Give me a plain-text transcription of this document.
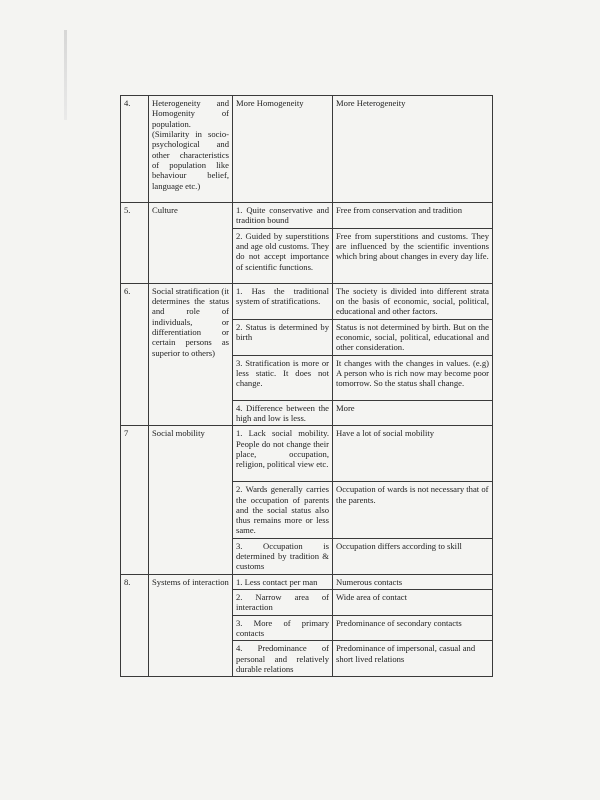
4.	Heterogeneity and Homogenity of population. (Similarity in socio-psychological and other characteristics of population like behaviour belief, language etc.)	More Homogeneity	More Heterogeneity
5.	Culture	1. Quite conservative and tradition bound	Free from conservation and tradition
		2. Guided by superstitions and age old customs. They do not accept importance of scientific functions.	Free from superstitions and customs. They are influenced by the scientific inventions which bring about changes in every day life.
6.	Social stratification (it determines the status and role of individuals, or differentiation or certain persons as superior to others)	1. Has the traditional system of stratifications.	The society is divided into different strata on the basis of economic, social, political, educational and other factors.
		2. Status is determined by birth	Status is not determined by birth. But on the economic, social, political, educational and other consideration.
		3. Stratification is more or less static. It does not change.	It changes with the changes in values. (e.g) A person who is rich now may become poor tomorrow. So the status shall change.
		4. Difference between the high and low is less.	More
7	Social mobility	1. Lack social mobility. People do not change their place, occupation, religion, political view etc.	Have a lot of social mobility
		2. Wards generally carries the occupation of parents and the social status also thus remains more or less same.	Occupation of wards is not necessary that of the parents.
		3. Occupation is determined by tradition & customs	Occupation differs according to skill
8.	Systems of interaction	1. Less contact per man	Numerous contacts
		2. Narrow area of interaction	Wide area of contact
		3. More of primary contacts	Predominance of secondary contacts
		4. Predominance of personal and relatively durable relations	Predominance of impersonal, casual and short lived relations
